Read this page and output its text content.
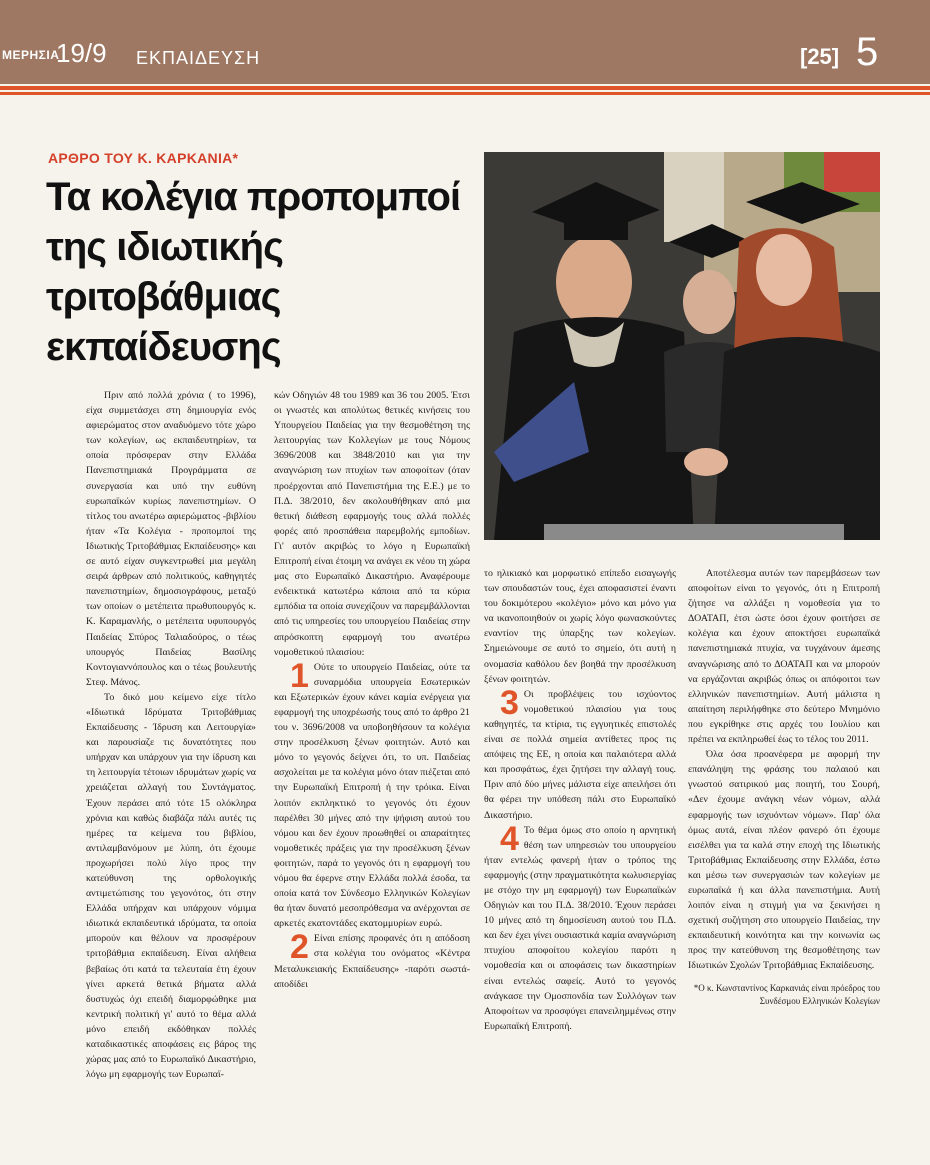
ΜΕΡΗΣΙΑ
19/9 ΕΚΠΑΙΔΕΥΣΗ	[25] 5
ΑΡΘΡΟ ΤΟΥ Κ. ΚΑΡΚΑΝΙΑ*
Τα κολέγια προπομποί της ιδιωτικής τριτοβάθμιας εκπαίδευσης

Πριν από πολλά χρόνια ( το 1996), είχα συμμετάσχει στη δημιουργία ενός αφιερώματος στον αναδυόμενο τότε χώρο των κολεγίων, ως εκπαιδευτηρίων, τα οποία πρόσφεραν στην Ελλάδα Πανεπιστημιακά Προγράμματα σε συνεργασία και υπό την ευθύνη ευρωπαϊκών κυρίως πανεπιστημίων. Ο τίτλος του ανωτέρω αφιερώματος -βιβλίου ήταν «Τα Κολέγια - προπομποί της Ιδιωτικής Τριτοβάθμιας Εκπαίδευσης» και σε αυτό είχαν συγκεντρωθεί μια μεγάλη σειρά άρθρων από πολιτικούς, καθηγητές πανεπιστημίων, δημοσιογράφους, μεταξύ των οποίων ο μετέπειτα πρωθυπουργός κ. Κ. Καραμανλής, ο μετέπειτα υφυπουργός Παιδείας Σπύρος Ταλιαδούρος, ο τέως υπουργός Παιδείας Βασίλης Κοντογιαννόπουλος και ο τέως βουλευτής Στεφ. Μάνος.

Το δικό μου κείμενο είχε τίτλο «Ιδιωτικά Ιδρύματα Τριτοβάθμιας Εκπαίδευσης - Ίδρυση και Λειτουργία» και παρουσίαζε τις δυνατότητες που υπήρχαν και υπάρχουν για την ίδρυση και τη λειτουργία τέτοιων ιδρυμάτων χωρίς να χρειάζεται αλλαγή του Συντάγματος. Έχουν περάσει από τότε 15 ολόκληρα χρόνια και καθώς διαβάζα πάλι αυτές τις ημέρες τα κείμενα του βιβλίου, αντιλαμβανόμουν με λύπη, ότι έχουμε προχωρήσει πολύ λίγο προς την κατεύθυνση της ορθολογικής αντιμετώπισης του γεγονότος, ότι στην Ελλάδα υπήρχαν και υπάρχουν νόμιμα ιδιωτικά εκπαιδευτικά ιδρύματα, τα οποία μπορούν και θέλουν να προσφέρουν τριτοβάθμια εκπαίδευση. Είναι αλήθεια βεβαίως ότι κατά τα τελευταία έτη έχουν γίνει αρκετά θετικά βήματα αλλά δυστυχώς όχι επειδή διαμορφώθηκε μια κεντρική πολιτική γι' αυτό το θέμα αλλά μόνο επειδή εκδόθηκαν πολλές καταδικαστικές αποφάσεις εις βάρος της χώρας μας από το Ευρωπαϊκό Δικαστήριο, λόγω μη εφαρμογής των Ευρωπαϊ-

κών Οδηγιών 48 του 1989 και 36 του 2005. Έτσι οι γνωστές και απολύτως θετικές κινήσεις του Υπουργείου Παιδείας για την θεσμοθέτηση της λειτουργίας των Κολλεγίων με τους Νόμους 3696/2008 και 3848/2010 και για την αναγνώριση των πτυχίων των αποφοίτων (όταν προέρχονται από Πανεπιστήμια της Ε.Ε.) με το Π.Δ. 38/2010, δεν ακολουθήθηκαν από μια θετική διάθεση εφαρμογής τους αλλά πολλές φορές από προσπάθεια παρεμβολής εμποδίων. Γι' αυτόν ακριβώς το λόγο η Ευρωπαϊκή Επιτροπή είναι έτοιμη να ανάγει εκ νέου τη χώρα μας στο Ευρωπαϊκό Δικαστήριο. Αναφέρουμε ενδεικτικά κατωτέρω κάποια από τα κύρια εμπόδια τα οποία συνεχίζουν να παρεμβάλλονται από τις υπηρεσίες του υπουργείου Παιδείας στην απρόσκοπτη εφαρμογή του ανωτέρω νομοθετικού πλαισίου:

1 Ούτε το υπουργείο Παιδείας, ούτε τα συναρμόδια υπουργεία Εσωτερικών και Εξωτερικών έχουν κάνει καμία ενέργεια για εφαρμογή της υποχρέωσής τους από το άρθρο 21 του ν. 3696/2008 να υποβοηθήσουν τα κολέγια στην προσέλκυση ξένων φοιτητών. Αυτό και μόνο το γεγονός δείχνει ότι, το υπ. Παιδείας ασχολείται με τα κολέγια μόνο όταν πιέζεται από την Ευρωπαϊκή Επιτροπή ή την τρόικα. Είναι λοιπόν εκπληκτικό το γεγονός ότι έχουν παρέλθει 30 μήνες από την ψήφιση αυτού του νόμου και δεν έχουν προωθηθεί οι απαραίτητες νομοθετικές πράξεις για την προσέλκυση ξένων φοιτητών, παρά το γεγονός ότι η εφαρμογή του νόμου θα έφερνε στην Ελλάδα πολλά έσοδα, τα οποία κατά τον Σύνδεσμο Ελληνικών Κολεγίων θα ήταν δυνατό μεσοπρόθεσμα να ανέρχονται σε αρκετές εκατοντάδες εκατομμυρίων ευρώ.

2 Είναι επίσης προφανές ότι η απόδοση στα κολέγια του ονόματος «Κέντρα Μεταλυκειακής Εκπαίδευσης» -παρότι σωστά- αποδίδει

το ηλικιακό και μορφωτικό επίπεδο εισαγωγής των σπουδαστών τους, έχει αποφασιστεί έναντι του δοκιμότερου «κολέγιο» μόνο και μόνο για να ικανοποιηθούν οι χωρίς λόγο φωνασκούντες εναντίον της ύπαρξης των κολεγίων. Σημειώνουμε σε αυτό το σημείο, ότι αυτή η ονομασία καθόλου δεν βοηθά την προσέλκυση ξένων φοιτητών.

3 Οι προβλέψεις του ισχύοντος νομοθετικού πλαισίου για τους καθηγητές, τα κτίρια, τις εγγυητικές επιστολές είναι σε πολλά σημεία αντίθετες προς τις απόψεις της ΕΕ, η οποία και παλαιότερα αλλά και προσφάτως, έχει ζητήσει την αλλαγή τους. Πριν από δύο μήνες μάλιστα είχε απειλήσει ότι θα φέρει την υπόθεση πάλι στο Ευρωπαϊκό Δικαστήριο.

4 Το θέμα όμως στο οποίο η αρνητική θέση των υπηρεσιών του υπουργείου ήταν εντελώς φανερή ήταν ο τρόπος της εφαρμογής (στην πραγματικότητα κωλυσιεργίας με στόχο την μη εφαρμογή) των Ευρωπαϊκών Οδηγιών και του Π.Δ. 38/2010. Έχουν περάσει 10 μήνες από τη δημοσίευση αυτού του Π.Δ. και δεν έχει γίνει ουσιαστικά καμία αναγνώριση πτυχίου αποφοίτου κολεγίου παρότι η νομοθεσία και οι αποφάσεις των δικαστηρίων είναι εντελώς σαφείς. Αυτό το γεγονός ανάγκασε την Ομοσπονδία των Συλλόγων των Αποφοίτων να προσφύγει επανειλημμένως στην Ευρωπαϊκή Επιτροπή.

Αποτέλεσμα αυτών των παρεμβάσεων των αποφοίτων είναι το γεγονός, ότι η Επιτροπή ζήτησε να αλλάξει η νομοθεσία για το ΔΟΑΤΑΠ, έτσι ώστε όσοι έχουν φοιτήσει σε κολέγια και έχουν αποκτήσει ευρωπαϊκά πανεπιστημιακά πτυχία, να τυγχάνουν άμεσης αναγνώρισης από το ΔΟΑΤΑΠ και να μπορούν να εργάζονται ακριβώς όπως οι απόφοιτοι των ελληνικών πανεπιστημίων. Αυτή μάλιστα η απαίτηση περιλήφθηκε στο δεύτερο Μνημόνιο που εγκρίθηκε στις αρχές του Ιουλίου και πρέπει να εκπληρωθεί έως το τέλος του 2011.

Όλα όσα προανέφερα με αφορμή την επανάληψη της φράσης του παλαιού και γνωστού σατιρικού μας ποιητή, του Σουρή, «Δεν έχουμε ανάγκη νέων νόμων, αλλά εφαρμογής των ισχυόντων νόμων». Παρ' όλα όμως αυτά, είναι πλέον φανερό ότι έχουμε εισέλθει για τα καλά στην εποχή της Ιδιωτικής Τριτοβάθμιας Εκπαίδευσης στην Ελλάδα, έστω και μέσω των συνεργασιών των κολεγίων με ευρωπαϊκά ή και άλλα πανεπιστήμια. Αυτή λοιπόν είναι η στιγμή για να ξεκινήσει η σχετική συζήτηση στο υπουργείο Παιδείας, την εκπαιδευτική κοινότητα και την κοινωνία ως προς την κατεύθυνση της θεσμοθέτησης των Ιδιωτικών Σχολών Τριτοβάθμιας Εκπαίδευσης.

*Ο κ. Κωνσταντίνος Καρκανιάς είναι πρόεδρος του Συνδέσμου Ελληνικών Κολεγίων
